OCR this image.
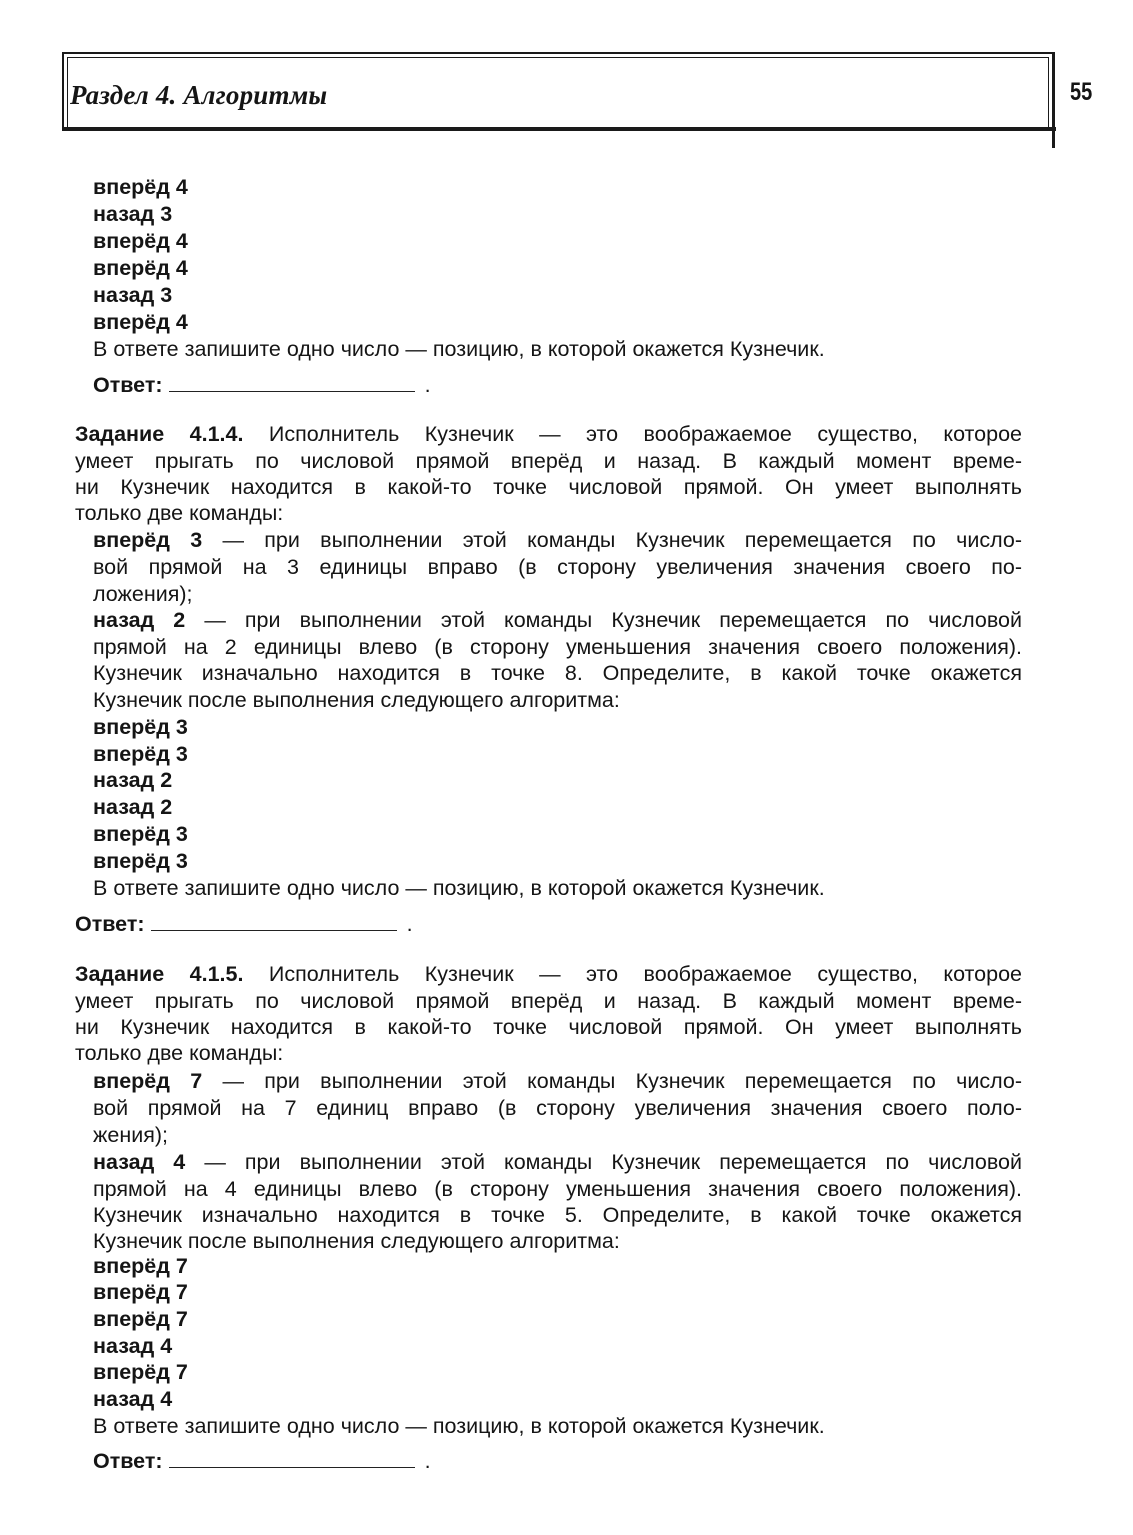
Раздел 4. Алгоритмы	55
вперёд 4
назад 3
вперёд 4
вперёд 4
назад 3
вперёд 4
В ответе запишите одно число — позицию, в которой окажется Кузнечик.
Ответ:	.
Задание 4.1.4. Исполнитель Кузнечик — это воображаемое существо, которое
умеет прыгать по числовой прямой вперёд и назад. В каждый момент време-
ни Кузнечик находится в какой-то точке числовой прямой. Он умеет выполнять
только две команды:
вперёд 3 — при выполнении этой команды Кузнечик перемещается по число-
вой прямой на 3 единицы вправо (в сторону увеличения значения своего по-
ложения);
назад 2 — при выполнении этой команды Кузнечик перемещается по числовой
прямой на 2 единицы влево (в сторону уменьшения значения своего положения).
Кузнечик изначально находится в точке 8. Определите, в какой точке окажется
Кузнечик после выполнения следующего алгоритма:
вперёд 3
вперёд 3
назад 2
назад 2
вперёд 3
вперёд 3
В ответе запишите одно число — позицию, в которой окажется Кузнечик.
Ответ:	.
Задание 4.1.5. Исполнитель Кузнечик — это воображаемое существо, которое
умеет прыгать по числовой прямой вперёд и назад. В каждый момент време-
ни Кузнечик находится в какой-то точке числовой прямой. Он умеет выполнять
только две команды:
вперёд 7 — при выполнении этой команды Кузнечик перемещается по число-
вой прямой на 7 единиц вправо (в сторону увеличения значения своего поло-
жения);
назад 4 — при выполнении этой команды Кузнечик перемещается по числовой
прямой на 4 единицы влево (в сторону уменьшения значения своего положения).
Кузнечик изначально находится в точке 5. Определите, в какой точке окажется
Кузнечик после выполнения следующего алгоритма:
вперёд 7
вперёд 7
вперёд 7
назад 4
вперёд 7
назад 4
В ответе запишите одно число — позицию, в которой окажется Кузнечик.
Ответ:	.
